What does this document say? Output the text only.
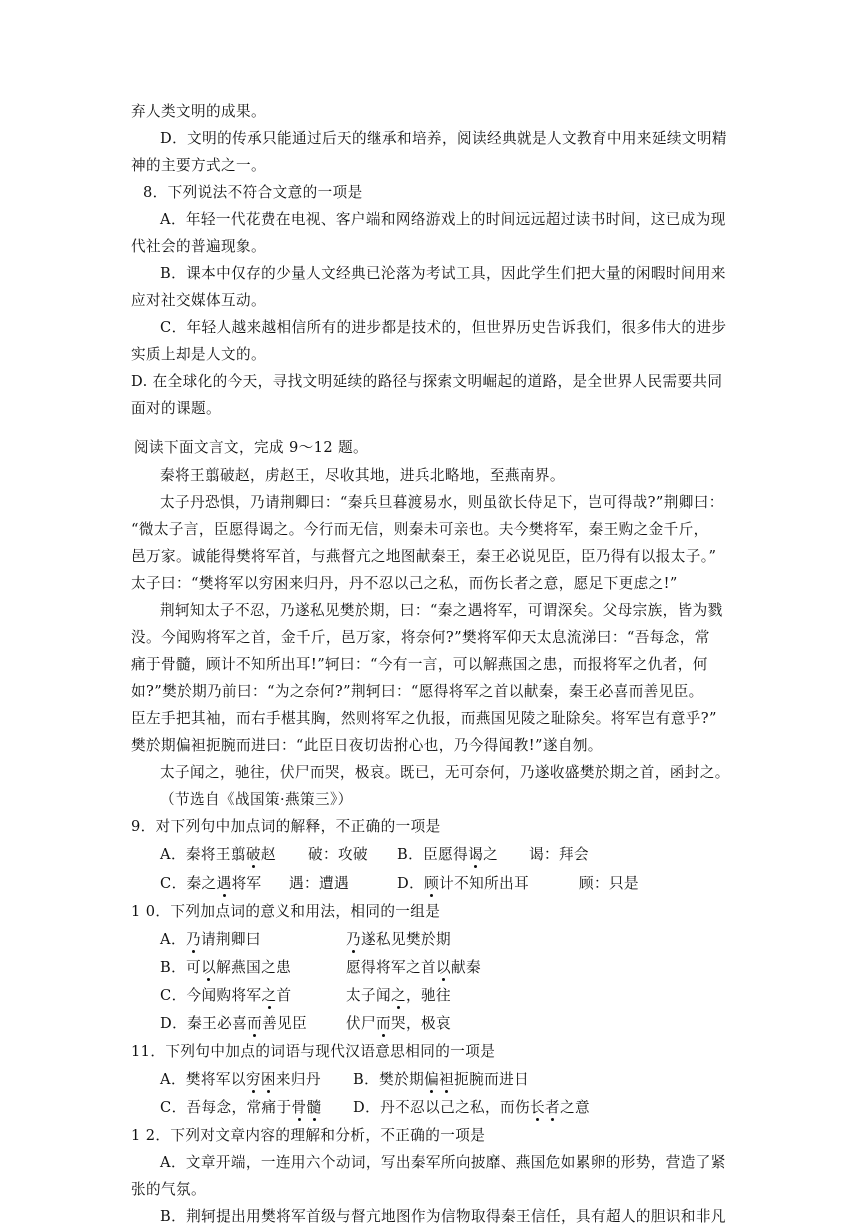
弃人类文明的成果。
D．文明的传承只能通过后天的继承和培养，阅读经典就是人文教育中用来延续文明精
神的主要方式之一。
8．下列说法不符合文意的一项是
A．年轻一代花费在电视、客户端和网络游戏上的时间远远超过读书时间，这已成为现
代社会的普遍现象。
B．课本中仅存的少量人文经典已沦落为考试工具，因此学生们把大量的闲暇时间用来
应对社交媒体互动。
C．年轻人越来越相信所有的进步都是技术的，但世界历史告诉我们，很多伟大的进步
实质上却是人文的。
D. 在全球化的今天，寻找文明延续的路径与探索文明崛起的道路，是全世界人民需要共同
面对的课题。
阅读下面文言文，完成 9～12 题。
秦将王翦破赵，虏赵王，尽收其地，进兵北略地，至燕南界。
太子丹恐惧，乃请荆卿曰：“秦兵旦暮渡易水，则虽欲长侍足下，岂可得哉?”荆卿曰：
“微太子言，臣愿得谒之。今行而无信，则秦未可亲也。夫今樊将军，秦王购之金千斤，
邑万家。诚能得樊将军首，与燕督亢之地图献秦王，秦王必说见臣，臣乃得有以报太子。”
太子曰：“樊将军以穷困来归丹，丹不忍以己之私，而伤长者之意，愿足下更虑之!”
荆轲知太子不忍，乃遂私见樊於期，曰：“秦之遇将军，可谓深矣。父母宗族，皆为戮
没。今闻购将军之首，金千斤，邑万家，将奈何?”樊将军仰天太息流涕曰：“吾每念，常
痛于骨髓，顾计不知所出耳!”轲曰：“今有一言，可以解燕国之患，而报将军之仇者，何
如?”樊於期乃前曰：“为之奈何?”荆轲曰：“愿得将军之首以献秦，秦王必喜而善见臣。
臣左手把其袖，而右手椹其胸，然则将军之仇报，而燕国见陵之耻除矣。将军岂有意乎?”
樊於期偏袒扼腕而进曰：“此臣日夜切齿拊心也，乃今得闻教!”遂自刎。
太子闻之，驰往，伏尸而哭，极哀。既已，无可奈何，乃遂收盛樊於期之首，函封之。
（节选自《战国策·燕策三》）
9．对下列句中加点词的解释，不正确的一项是
A．秦将王翦破赵 破：攻破 B．臣愿得谒之 谒：拜会
C．秦之遇将军 遇：遭遇	D．顾计不知所出耳	顾：只是
1 0．下列加点词的意义和用法，相同的一组是
A．乃请荆卿曰	乃遂私见樊於期
B．可以解燕国之患	愿得将军之首以献秦
C．今闻购将军之首	太子闻之，驰往
D．秦王必喜而善见臣	伏尸而哭，极哀
11．下列句中加点的词语与现代汉语意思相同的一项是
A．樊将军以穷困来归丹 B．樊於期偏袒扼腕而进日
C．吾每念，常痛于骨髓 D．丹不忍以己之私，而伤长者之意
1 2．下列对文章内容的理解和分析，不正确的一项是
A．文章开端，一连用六个动词，写出秦军所向披靡、燕国危如累卵的形势，营造了紧
张的气氛。
B．荆轲提出用樊将军首级与督亢地图作为信物取得秦王信任，具有超人的胆识和非凡
